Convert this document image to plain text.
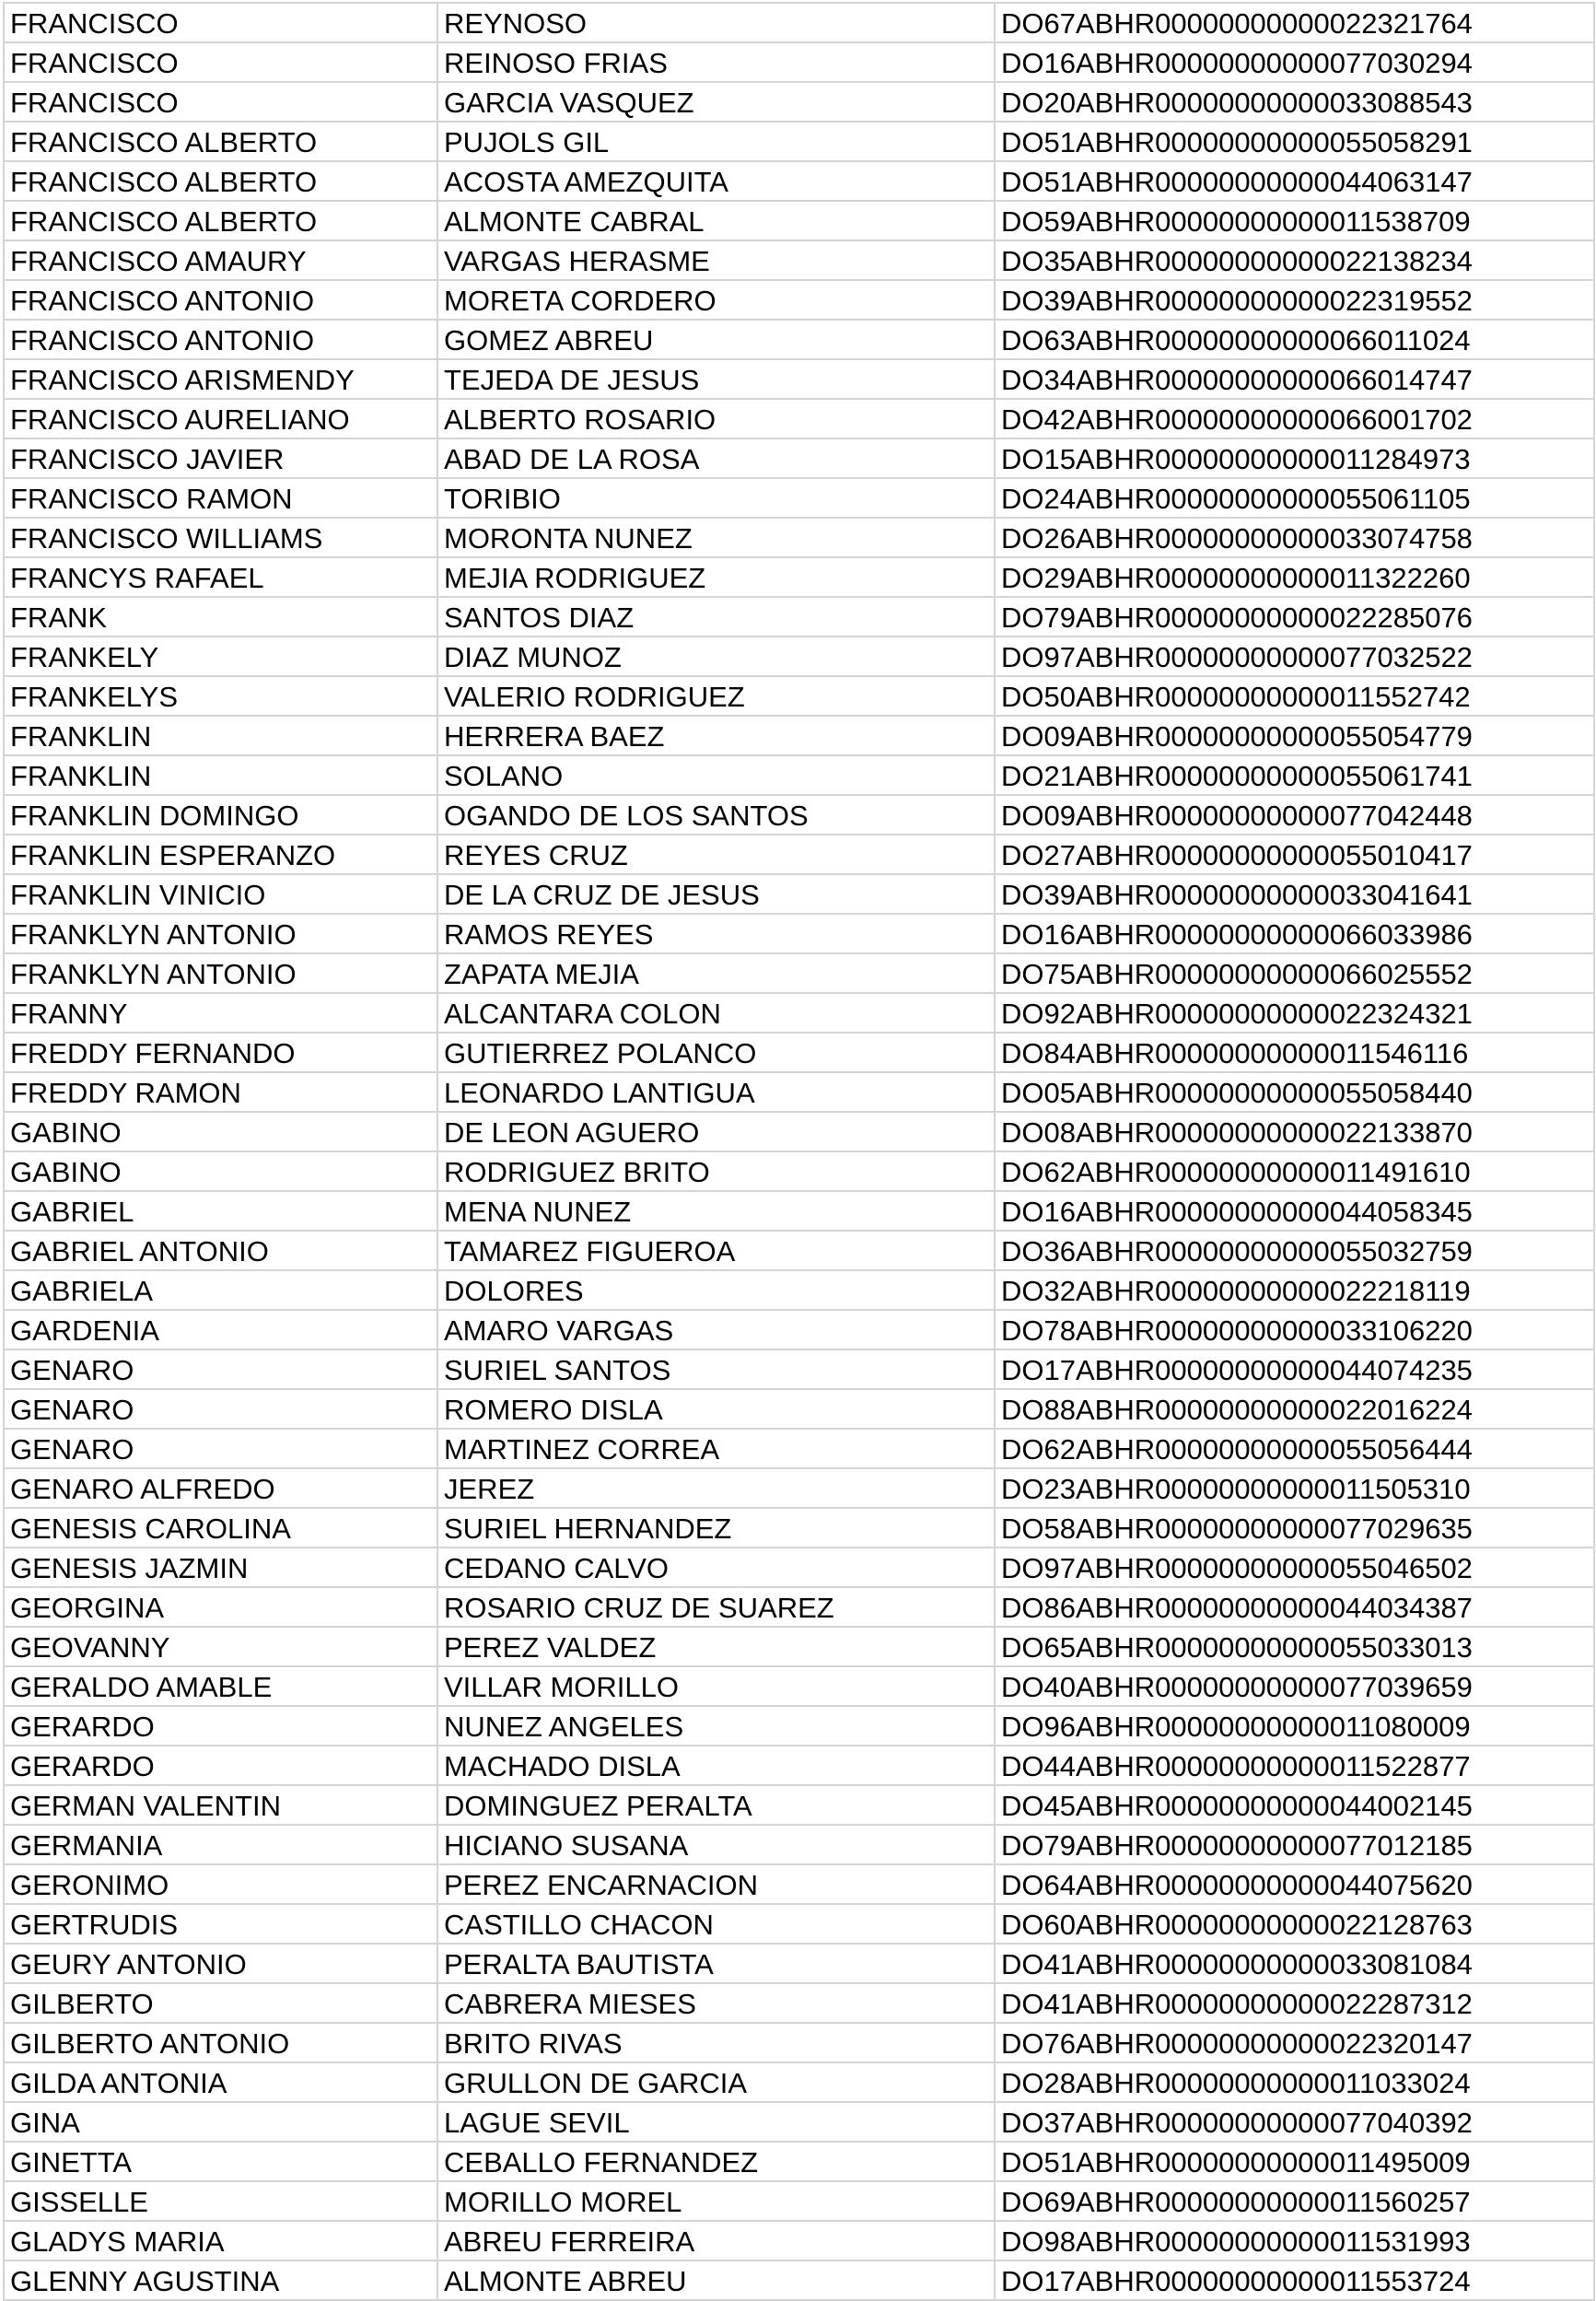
FRANCISCO	REYNOSO	DO67ABHR00000000000022321764
FRANCISCO	REINOSO FRIAS	DO16ABHR00000000000077030294
FRANCISCO	GARCIA VASQUEZ	DO20ABHR00000000000033088543
FRANCISCO ALBERTO	PUJOLS GIL	DO51ABHR00000000000055058291
FRANCISCO ALBERTO	ACOSTA AMEZQUITA	DO51ABHR00000000000044063147
FRANCISCO ALBERTO	ALMONTE CABRAL	DO59ABHR00000000000011538709
FRANCISCO AMAURY	VARGAS HERASME	DO35ABHR00000000000022138234
FRANCISCO ANTONIO	MORETA CORDERO	DO39ABHR00000000000022319552
FRANCISCO ANTONIO	GOMEZ ABREU	DO63ABHR00000000000066011024
FRANCISCO ARISMENDY	TEJEDA DE JESUS	DO34ABHR00000000000066014747
FRANCISCO AURELIANO	ALBERTO ROSARIO	DO42ABHR00000000000066001702
FRANCISCO JAVIER	ABAD DE LA ROSA	DO15ABHR00000000000011284973
FRANCISCO RAMON	TORIBIO	DO24ABHR00000000000055061105
FRANCISCO WILLIAMS	MORONTA NUNEZ	DO26ABHR00000000000033074758
FRANCYS RAFAEL	MEJIA RODRIGUEZ	DO29ABHR00000000000011322260
FRANK	SANTOS DIAZ	DO79ABHR00000000000022285076
FRANKELY	DIAZ MUNOZ	DO97ABHR00000000000077032522
FRANKELYS	VALERIO RODRIGUEZ	DO50ABHR00000000000011552742
FRANKLIN	HERRERA BAEZ	DO09ABHR00000000000055054779
FRANKLIN	SOLANO	DO21ABHR00000000000055061741
FRANKLIN DOMINGO	OGANDO DE LOS SANTOS	DO09ABHR00000000000077042448
FRANKLIN ESPERANZO	REYES CRUZ	DO27ABHR00000000000055010417
FRANKLIN VINICIO	DE LA CRUZ DE JESUS	DO39ABHR00000000000033041641
FRANKLYN ANTONIO	RAMOS REYES	DO16ABHR00000000000066033986
FRANKLYN ANTONIO	ZAPATA MEJIA	DO75ABHR00000000000066025552
FRANNY	ALCANTARA COLON	DO92ABHR00000000000022324321
FREDDY FERNANDO	GUTIERREZ POLANCO	DO84ABHR00000000000011546116
FREDDY RAMON	LEONARDO LANTIGUA	DO05ABHR00000000000055058440
GABINO	DE LEON AGUERO	DO08ABHR00000000000022133870
GABINO	RODRIGUEZ BRITO	DO62ABHR00000000000011491610
GABRIEL	MENA NUNEZ	DO16ABHR00000000000044058345
GABRIEL ANTONIO	TAMAREZ FIGUEROA	DO36ABHR00000000000055032759
GABRIELA	DOLORES	DO32ABHR00000000000022218119
GARDENIA	AMARO VARGAS	DO78ABHR00000000000033106220
GENARO	SURIEL SANTOS	DO17ABHR00000000000044074235
GENARO	ROMERO DISLA	DO88ABHR00000000000022016224
GENARO	MARTINEZ CORREA	DO62ABHR00000000000055056444
GENARO ALFREDO	JEREZ	DO23ABHR00000000000011505310
GENESIS CAROLINA	SURIEL HERNANDEZ	DO58ABHR00000000000077029635
GENESIS JAZMIN	CEDANO CALVO	DO97ABHR00000000000055046502
GEORGINA	ROSARIO CRUZ DE SUAREZ	DO86ABHR00000000000044034387
GEOVANNY	PEREZ VALDEZ	DO65ABHR00000000000055033013
GERALDO AMABLE	VILLAR MORILLO	DO40ABHR00000000000077039659
GERARDO	NUNEZ ANGELES	DO96ABHR00000000000011080009
GERARDO	MACHADO DISLA	DO44ABHR00000000000011522877
GERMAN VALENTIN	DOMINGUEZ PERALTA	DO45ABHR00000000000044002145
GERMANIA	HICIANO SUSANA	DO79ABHR00000000000077012185
GERONIMO	PEREZ ENCARNACION	DO64ABHR00000000000044075620
GERTRUDIS	CASTILLO CHACON	DO60ABHR00000000000022128763
GEURY ANTONIO	PERALTA BAUTISTA	DO41ABHR00000000000033081084
GILBERTO	CABRERA MIESES	DO41ABHR00000000000022287312
GILBERTO ANTONIO	BRITO RIVAS	DO76ABHR00000000000022320147
GILDA ANTONIA	GRULLON DE GARCIA	DO28ABHR00000000000011033024
GINA	LAGUE SEVIL	DO37ABHR00000000000077040392
GINETTA	CEBALLO FERNANDEZ	DO51ABHR00000000000011495009
GISSELLE	MORILLO MOREL	DO69ABHR00000000000011560257
GLADYS MARIA	ABREU FERREIRA	DO98ABHR00000000000011531993
GLENNY AGUSTINA	ALMONTE ABREU	DO17ABHR00000000000011553724
